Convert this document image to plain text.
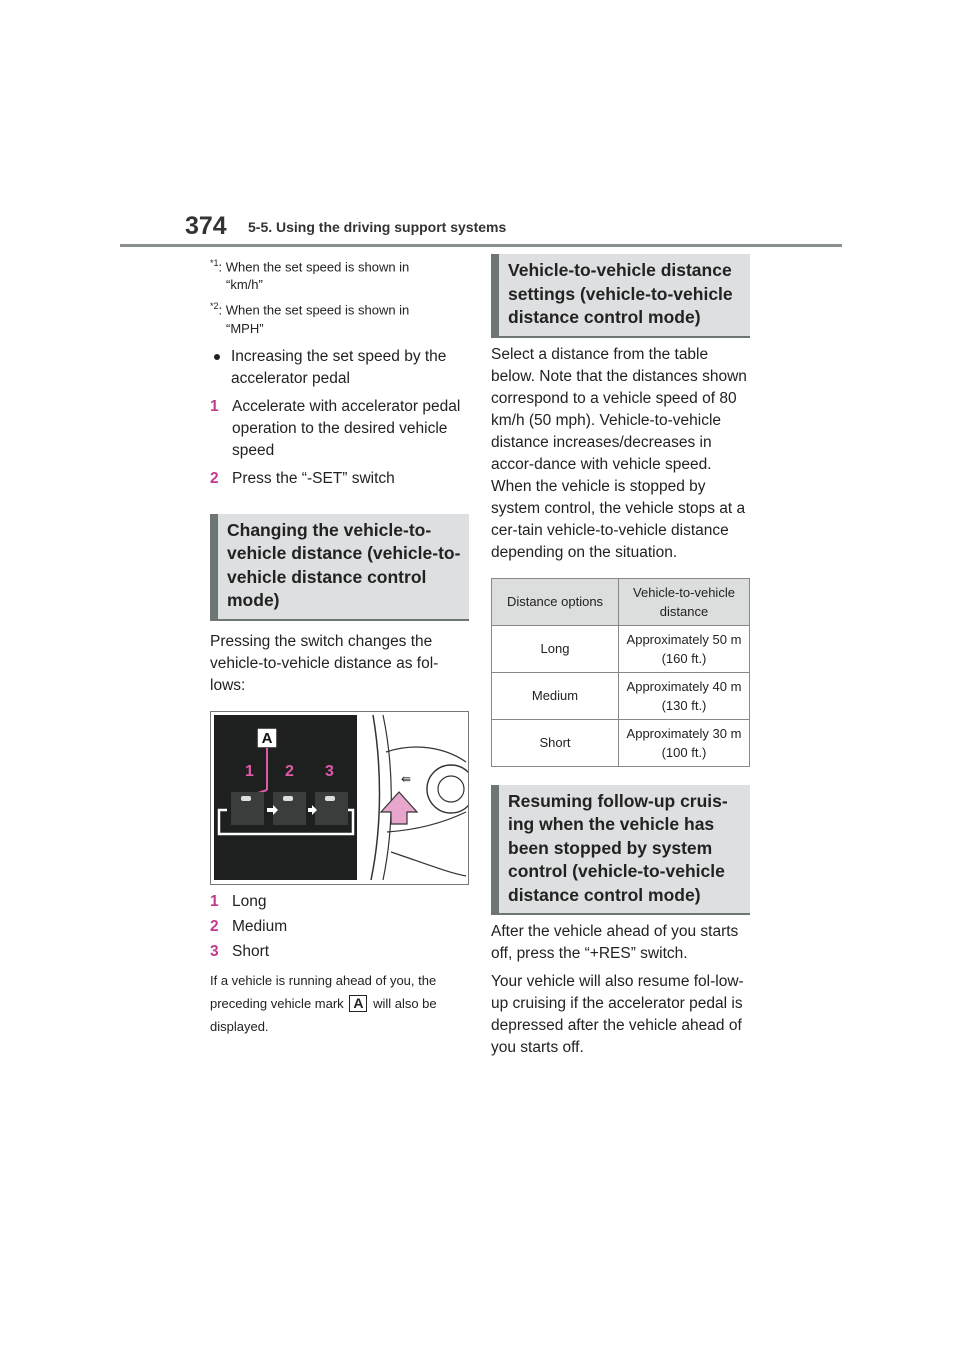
374 5-5. Using the driving support systems
$^{*1}$: When the set speed is shown in
“km/h”
$^{*2}$: When the set speed is shown in
“MPH”
Increasing the set speed by the accelerator pedal
1 Accelerate with accelerator pedal operation to the desired vehicle speed
2 Press the “-SET” switch
Changing the vehicle-to-vehicle distance (vehicle-to-vehicle distance control mode)
Pressing the switch changes the vehicle-to-vehicle distance as fol-lows:
A
1 2 3	⇚
1 Long
2 Medium
3 Short
If a vehicle is running ahead of you, the preceding vehicle mark A will also be displayed.
Vehicle-to-vehicle distance settings (vehicle-to-vehicle distance control mode)
Select a distance from the table below. Note that the distances shown correspond to a vehicle speed of 80 km/h (50 mph). Vehicle-to-vehicle distance increases/decreases in accor-dance with vehicle speed. When the vehicle is stopped by system control, the vehicle stops at a cer-tain vehicle-to-vehicle distance depending on the situation.
Distance options	Vehicle-to-vehicle distance
Long	Approximately 50 m (160 ft.)
Medium	Approximately 40 m (130 ft.)
Short	Approximately 30 m (100 ft.)
Resuming follow-up cruis-ing when the vehicle has been stopped by system control (vehicle-to-vehicle distance control mode)
After the vehicle ahead of you starts off, press the “+RES” switch.
Your vehicle will also resume fol-low-up cruising if the accelerator pedal is depressed after the vehicle ahead of you starts off.
